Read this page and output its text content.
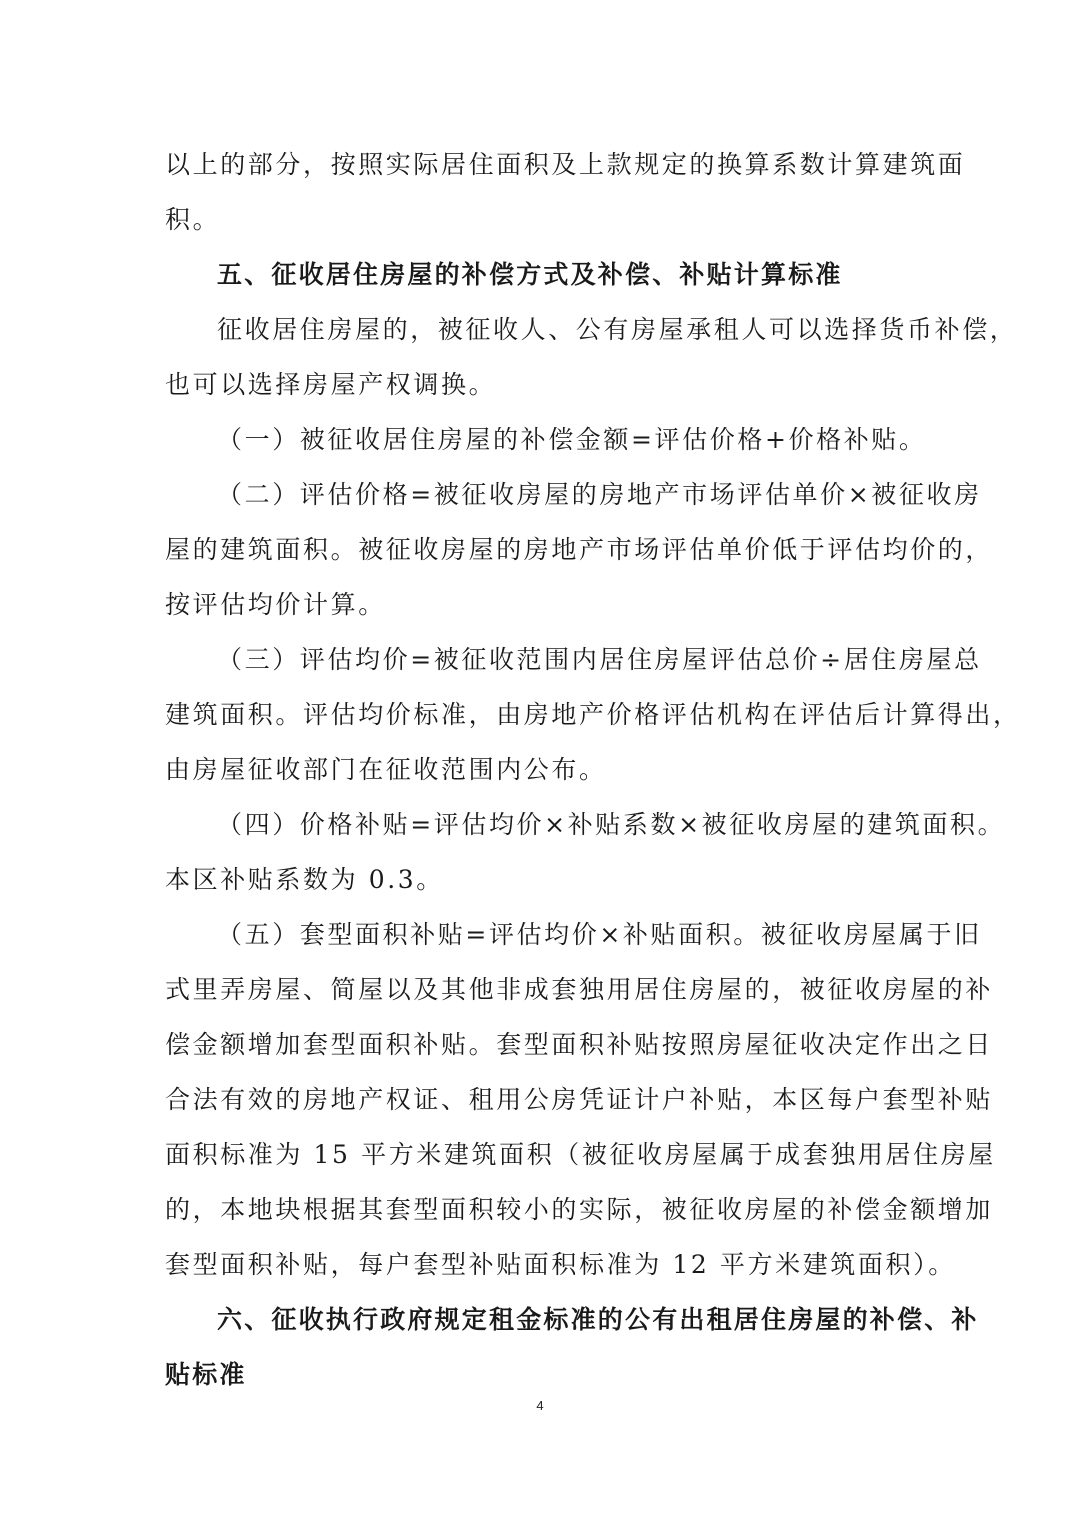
以上的部分，按照实际居住面积及上款规定的换算系数计算建筑面
积。
五、征收居住房屋的补偿方式及补偿、补贴计算标准
征收居住房屋的，被征收人、公有房屋承租人可以选择货币补偿，
也可以选择房屋产权调换。
（一）被征收居住房屋的补偿金额=评估价格+价格补贴。
（二）评估价格=被征收房屋的房地产市场评估单价×被征收房
屋的建筑面积。被征收房屋的房地产市场评估单价低于评估均价的，
按评估均价计算。
（三）评估均价=被征收范围内居住房屋评估总价÷居住房屋总
建筑面积。评估均价标准，由房地产价格评估机构在评估后计算得出，
由房屋征收部门在征收范围内公布。
（四）价格补贴=评估均价×补贴系数×被征收房屋的建筑面积。
本区补贴系数为 0.3。
（五）套型面积补贴=评估均价×补贴面积。被征收房屋属于旧
式里弄房屋、简屋以及其他非成套独用居住房屋的，被征收房屋的补
偿金额增加套型面积补贴。套型面积补贴按照房屋征收决定作出之日
合法有效的房地产权证、租用公房凭证计户补贴，本区每户套型补贴
面积标准为 15 平方米建筑面积（被征收房屋属于成套独用居住房屋
的，本地块根据其套型面积较小的实际，被征收房屋的补偿金额增加
套型面积补贴，每户套型补贴面积标准为 12 平方米建筑面积）。
六、征收执行政府规定租金标准的公有出租居住房屋的补偿、补
贴标准
4
